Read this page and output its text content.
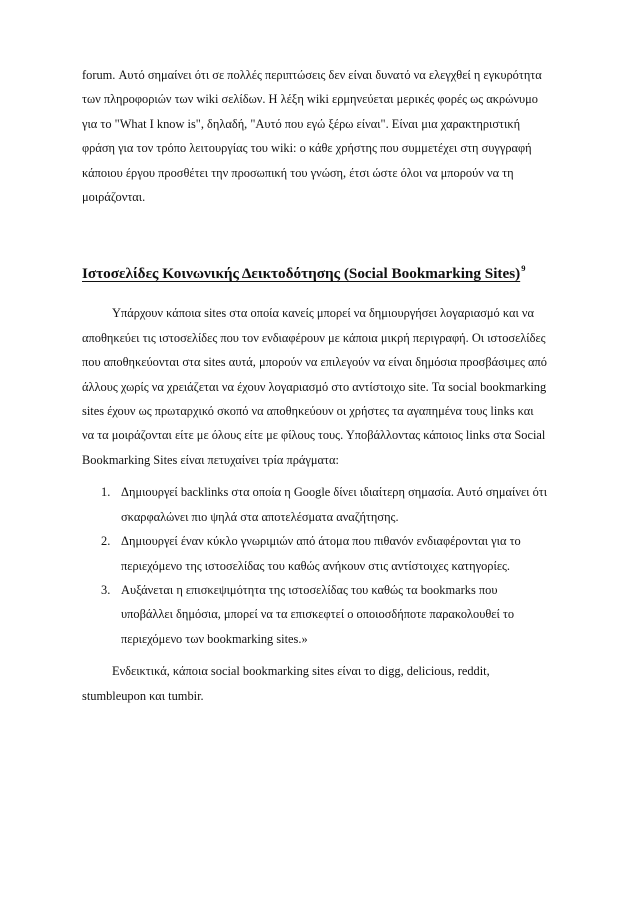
forum. Αυτό σημαίνει ότι σε πολλές περιπτώσεις δεν είναι δυνατό να ελεγχθεί η εγκυρότητα των πληροφοριών των wiki σελίδων. Η λέξη wiki ερμηνεύεται μερικές φορές ως ακρώνυμο για το "What I know is", δηλαδή, "Αυτό που εγώ ξέρω είναι". Είναι μια χαρακτηριστική φράση για τον τρόπο λειτουργίας του wiki: ο κάθε χρήστης που συμμετέχει στη συγγραφή κάποιου έργου προσθέτει την προσωπική του γνώση, έτσι ώστε όλοι να μπορούν να τη μοιράζονται.

Ιστοσελίδες Κοινωνικής Δεικτοδότησης (Social Bookmarking Sites)$^9$

Υπάρχουν κάποια sites στα οποία κανείς μπορεί να δημιουργήσει λογαριασμό και να αποθηκεύει τις ιστοσελίδες που τον ενδιαφέρουν με κάποια μικρή περιγραφή. Οι ιστοσελίδες που αποθηκεύονται στα sites αυτά, μπορούν να επιλεγούν να είναι δημόσια προσβάσιμες από άλλους χωρίς να χρειάζεται να έχουν λογαριασμό στο αντίστοιχο site. Τα social bookmarking sites έχουν ως πρωταρχικό σκοπό να αποθηκεύουν οι χρήστες τα αγαπημένα τους links και να τα μοιράζονται είτε με όλους είτε με φίλους τους. Υποβάλλοντας κάποιος links στα Social Bookmarking Sites είναι πετυχαίνει τρία πράγματα:

1. Δημιουργεί backlinks στα οποία η Google δίνει ιδιαίτερη σημασία. Αυτό σημαίνει ότι σκαρφαλώνει πιο ψηλά στα αποτελέσματα αναζήτησης.
2. Δημιουργεί έναν κύκλο γνωριμιών από άτομα που πιθανόν ενδιαφέρονται για το περιεχόμενο της ιστοσελίδας του καθώς ανήκουν στις αντίστοιχες κατηγορίες.
3. Αυξάνεται η επισκεψιμότητα της ιστοσελίδας του καθώς τα bookmarks που υποβάλλει δημόσια, μπορεί να τα επισκεφτεί ο οποιοσδήποτε παρακολουθεί το περιεχόμενο των bookmarking sites.»

Ενδεικτικά, κάποια social bookmarking sites είναι το digg, delicious, reddit, stumbleupon και tumbir.
